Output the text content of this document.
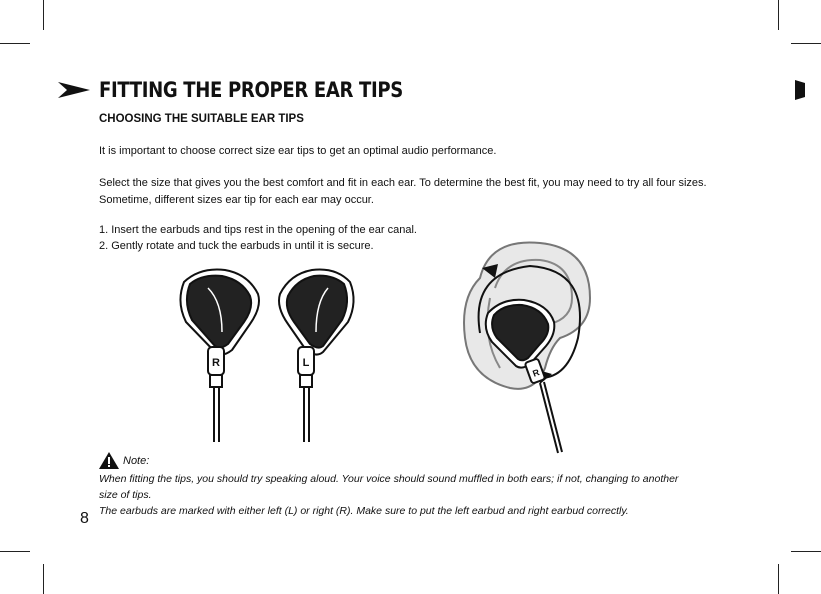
FITTING THE PROPER EAR TIPS
CHOOSING THE SUITABLE EAR TIPS

It is important to choose correct size ear tips to get an optimal audio performance.

Select the size that gives you the best comfort and fit in each ear. To determine the best fit, you may need to try all four sizes.

Sometime, different sizes ear tip for each ear may occur.

1. Insert the earbuds and tips rest in the opening of the ear canal.

2. Gently rotate and tuck the earbuds in until it is secure.

R	L
R
Note:

When fitting the tips, you should try speaking aloud. Your voice should sound muffled in both ears; if not, changing to another

size of tips.

The earbuds are marked with either left (L) or right (R). Make sure to put the left earbud and right earbud correctly.

8
